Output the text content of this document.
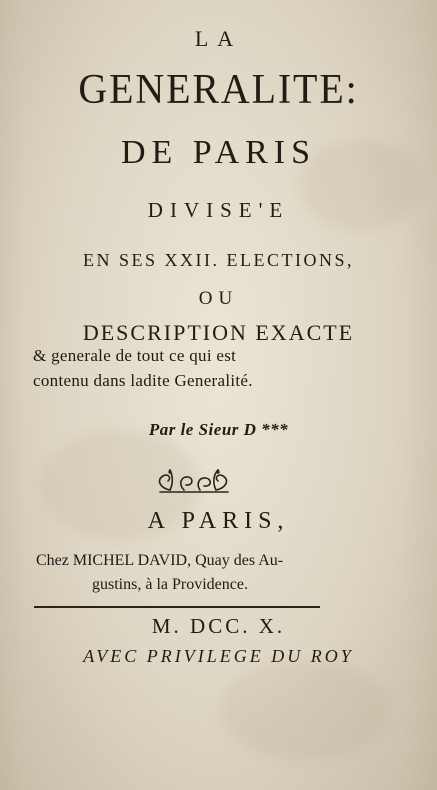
LA
GENERALITE:
DE PARIS
DIVISE'E
EN SES XXII. ELECTIONS,
OU
DESCRIPTION EXACTE
& generale de tout ce qui est
contenu dans ladite Generalité.
Par le Sieur D ***
A PARIS,
Chez MICHEL DAVID, Quay des Au-
gustins, à la Providence.
M. DCC. X.
AVEC PRIVILEGE DU ROY
